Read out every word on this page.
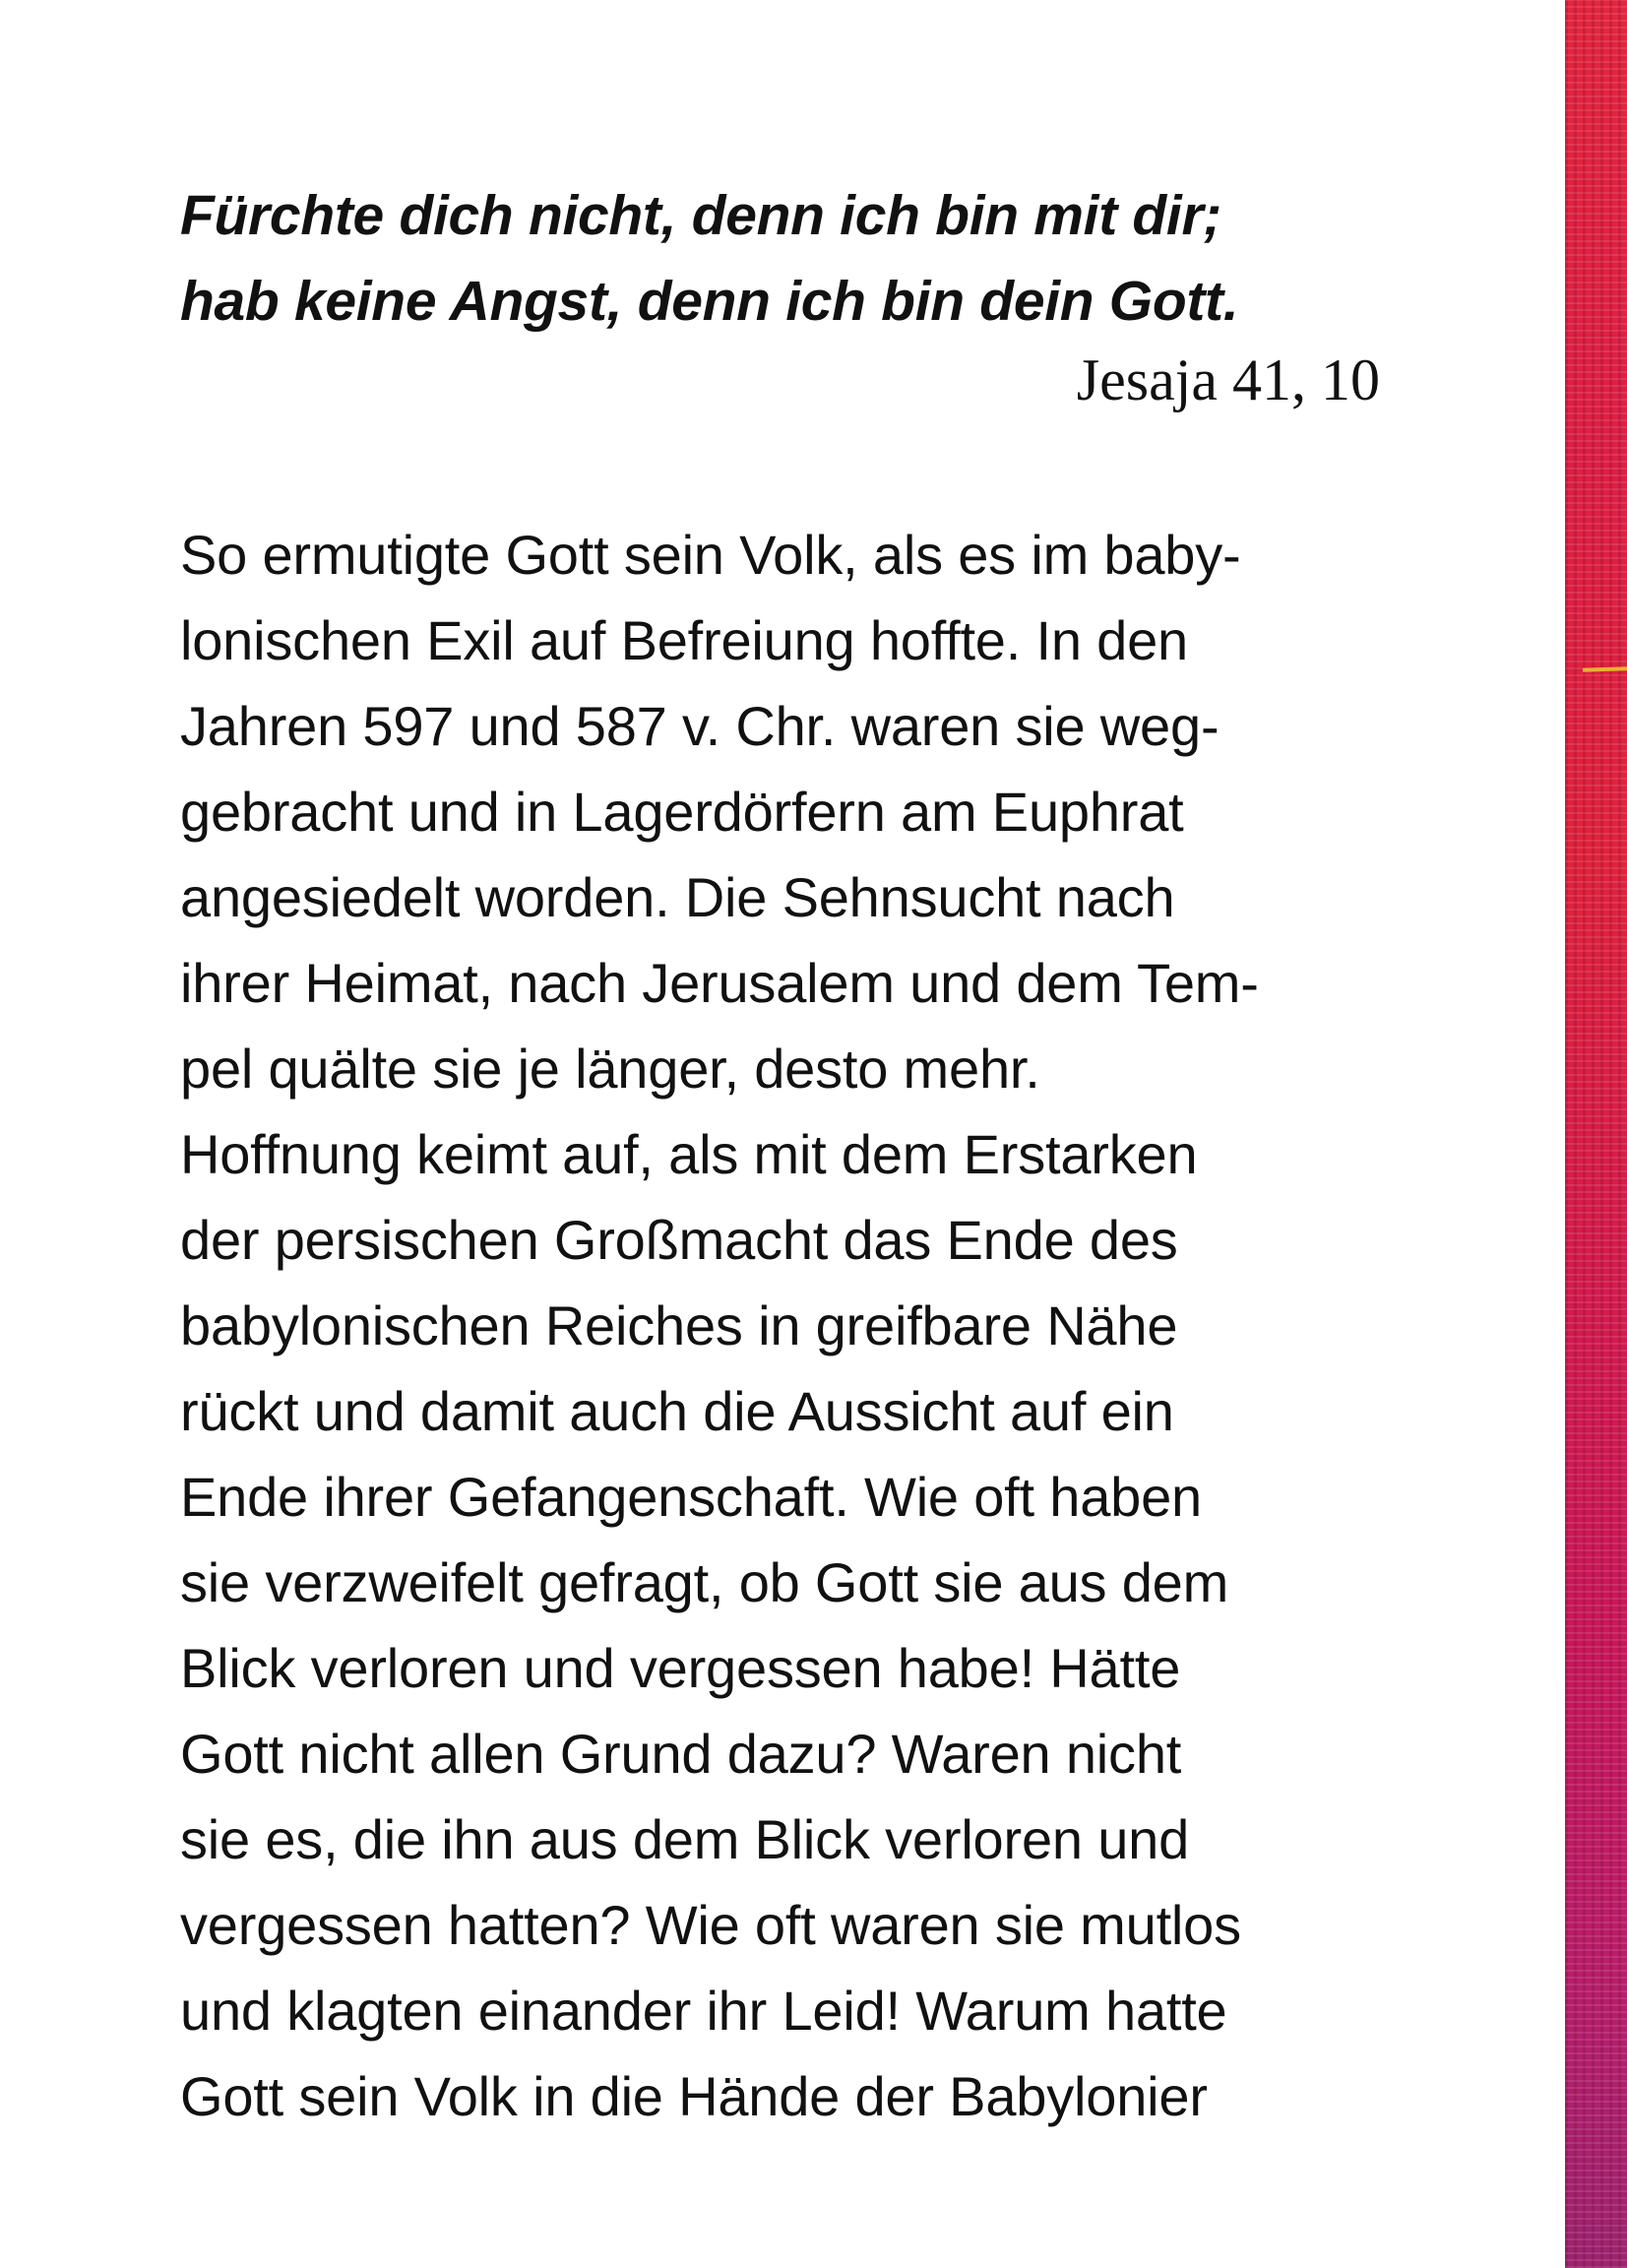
Fürchte dich nicht, denn ich bin mit dir;
hab keine Angst, denn ich bin dein Gott.
Jesaja 41, 10
So ermutigte Gott sein Volk, als es im baby-
lonischen Exil auf Befreiung hoffte. In den
Jahren 597 und 587 v. Chr. waren sie weg-
gebracht und in Lagerdörfern am Euphrat
angesiedelt worden. Die Sehnsucht nach
ihrer Heimat, nach Jerusalem und dem Tem-
pel quälte sie je länger, desto mehr.
Hoffnung keimt auf, als mit dem Erstarken
der persischen Großmacht das Ende des
babylonischen Reiches in greifbare Nähe
rückt und damit auch die Aussicht auf ein
Ende ihrer Gefangenschaft. Wie oft haben
sie verzweifelt gefragt, ob Gott sie aus dem
Blick verloren und vergessen habe! Hätte
Gott nicht allen Grund dazu? Waren nicht
sie es, die ihn aus dem Blick verloren und
vergessen hatten? Wie oft waren sie mutlos
und klagten einander ihr Leid! Warum hatte
Gott sein Volk in die Hände der Babylonier
